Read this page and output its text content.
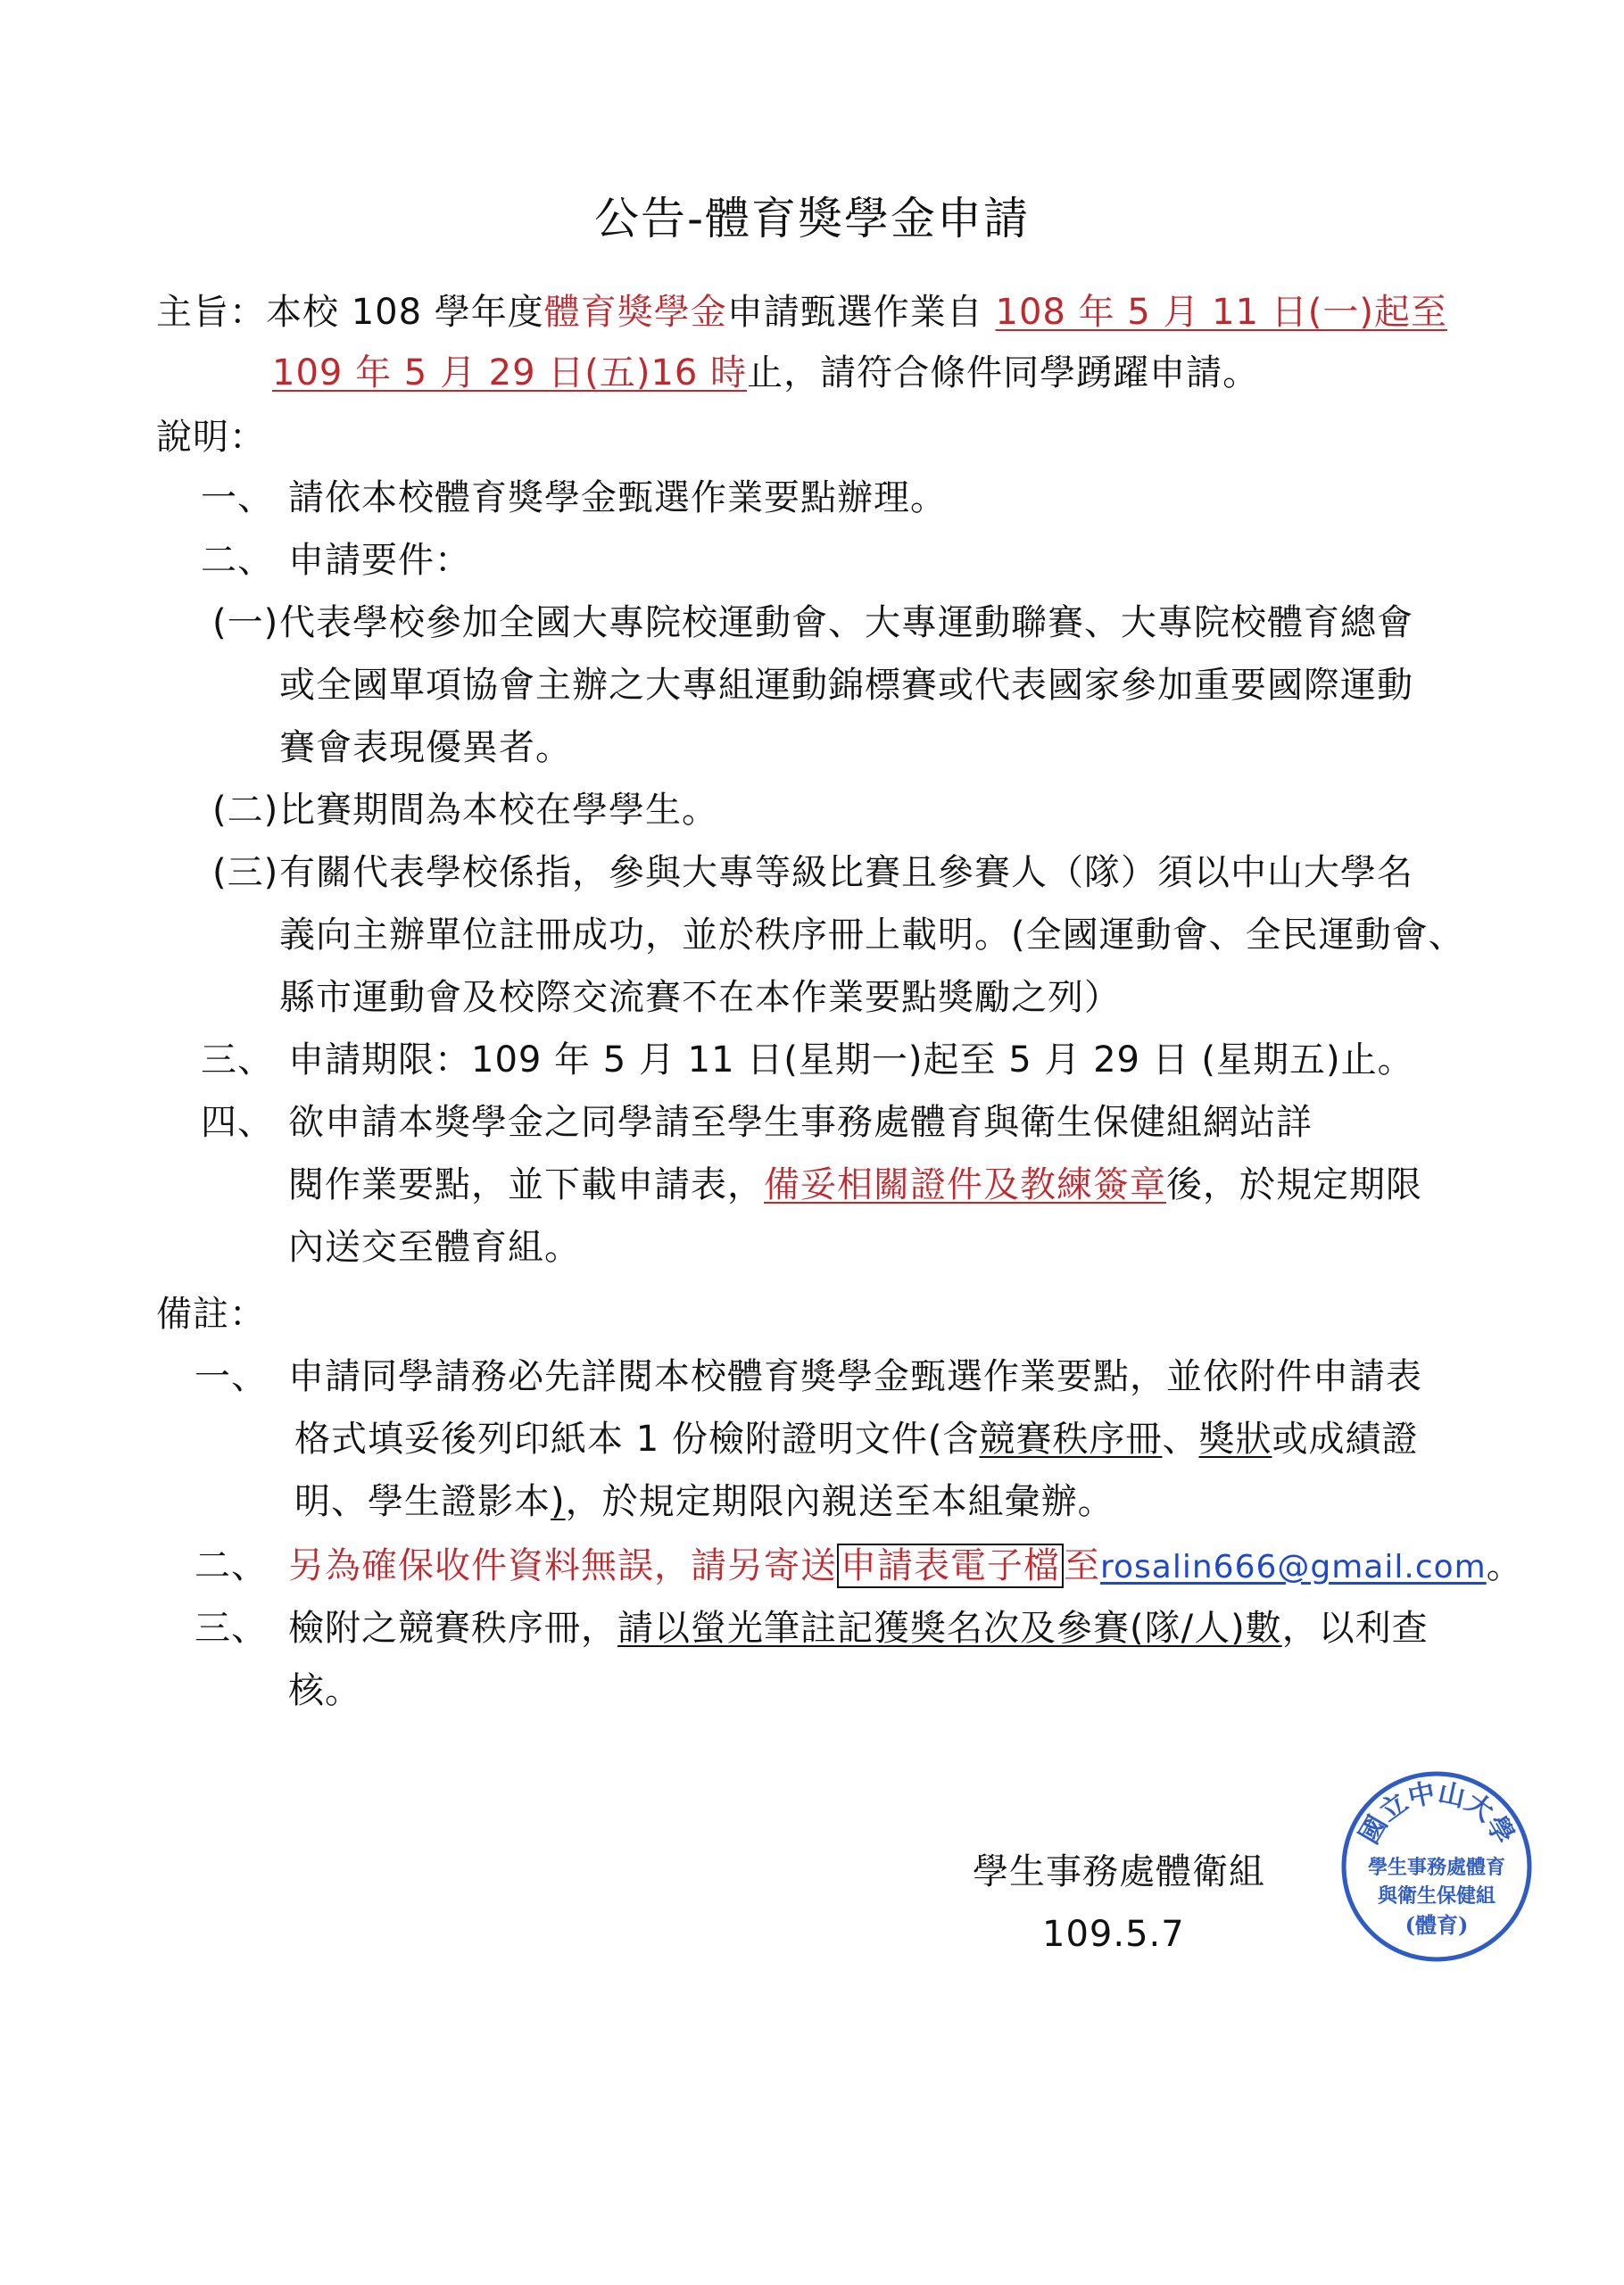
公告-體育獎學金申請
主旨：本校 108 學年度體育獎學金申請甄選作業自 108 年 5 月 11 日(一)起至
109 年 5 月 29 日(五)16 時止，請符合條件同學踴躍申請。
說明：
一、 請依本校體育獎學金甄選作業要點辦理。
二、 申請要件：
(一) 代表學校參加全國大專院校運動會、大專運動聯賽、大專院校體育總會
或全國單項協會主辦之大專組運動錦標賽或代表國家參加重要國際運動
賽會表現優異者。
(二) 比賽期間為本校在學學生。
(三) 有關代表學校係指，參與大專等級比賽且參賽人（隊）須以中山大學名
義向主辦單位註冊成功，並於秩序冊上載明。(全國運動會、全民運動會、
縣市運動會及校際交流賽不在本作業要點獎勵之列）
三、 申請期限：109 年 5 月 11 日(星期一)起至 5 月 29 日 (星期五)止。
四、 欲申請本獎學金之同學請至學生事務處體育與衛生保健組網站詳
閱作業要點，並下載申請表，備妥相關證件及教練簽章後，於規定期限
內送交至體育組。
備註：
一、 申請同學請務必先詳閱本校體育獎學金甄選作業要點，並依附件申請表
格式填妥後列印紙本 1 份檢附證明文件(含競賽秩序冊、獎狀或成績證
明、學生證影本)，於規定期限內親送至本組彙辦。
二、 另為確保收件資料無誤，請另寄送 申請表電子檔 至rosalin666@gmail.com。
三、 檢附之競賽秩序冊，請以螢光筆註記獲獎名次及參賽(隊/人)數，以利查
核。
學生事務處體衛組
109.5.7
國立中山大學
學生事務處體育
與衛生保健組
(體育)
